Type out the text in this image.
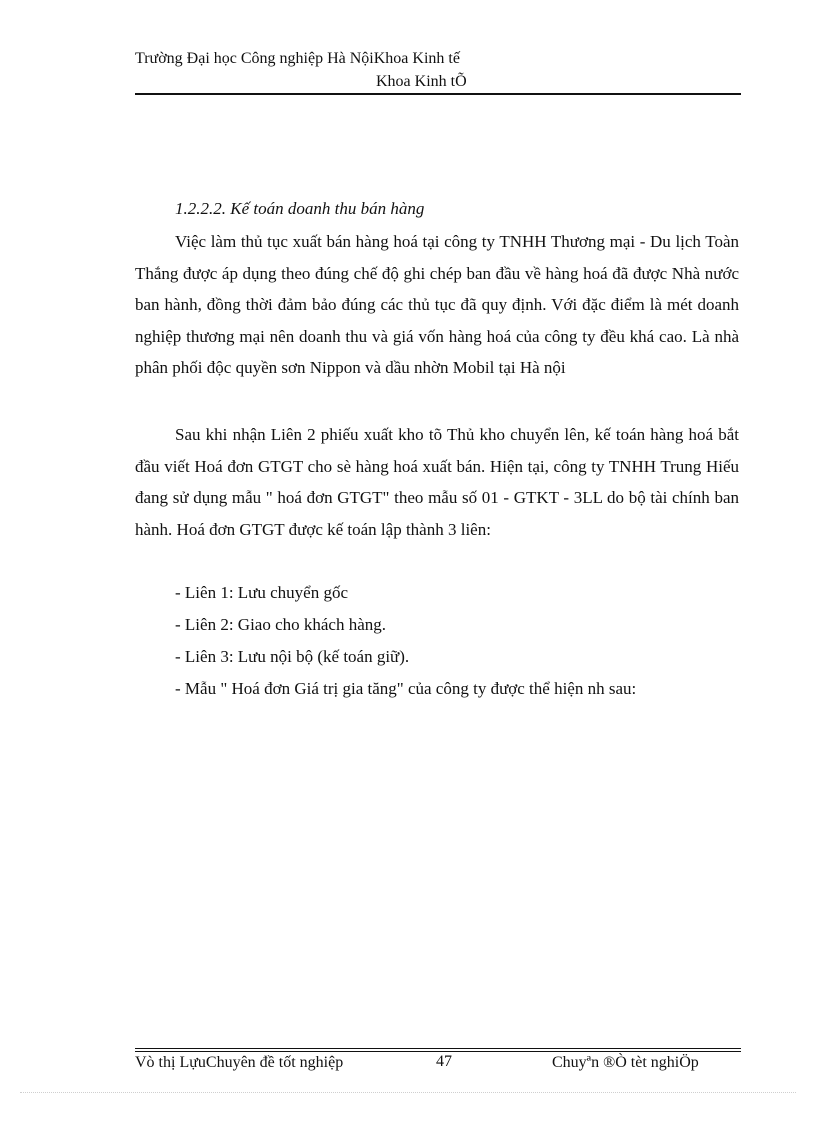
Trường Đại học Công nghiệp Hà NộiKhoa Kinh tế
Khoa Kinh tÕ
1.2.2.2. Kế toán doanh thu bán hàng

Việc làm thủ tục xuất bán hàng hoá tại công ty TNHH Thương mại - Du lịch Toàn Thắng được áp dụng theo đúng chế độ ghi chép ban đầu về hàng hoá đã được Nhà nước ban hành, đồng thời đảm bảo đúng các thủ tục đã quy định. Với đặc điểm là mét doanh nghiệp thương mại nên doanh thu và giá vốn hàng hoá của công ty đều khá cao. Là nhà phân phối độc quyền sơn Nippon và dầu nhờn Mobil tại Hà nội

Sau khi nhận Liên 2 phiếu xuất kho tõ Thủ kho chuyển lên, kế toán hàng hoá bắt đầu viết Hoá đơn GTGT cho sè hàng hoá xuất bán. Hiện tại, công ty TNHH Trung Hiếu đang sử dụng mẫu " hoá đơn GTGT" theo mẫu số 01 - GTKT - 3LL do bộ tài chính ban hành. Hoá đơn GTGT được kế toán lập thành 3 liên:

- Liên 1: Lưu chuyển gốc
- Liên 2: Giao cho khách hàng.
- Liên 3: Lưu nội bộ (kế toán giữ).
- Mẫu " Hoá đơn Giá trị gia tăng" của công ty được thể hiện nh sau:
Vò thị LựuChuyên đề tốt nghiệp	47	Chuyªn ®Ò tèt nghiÖp
